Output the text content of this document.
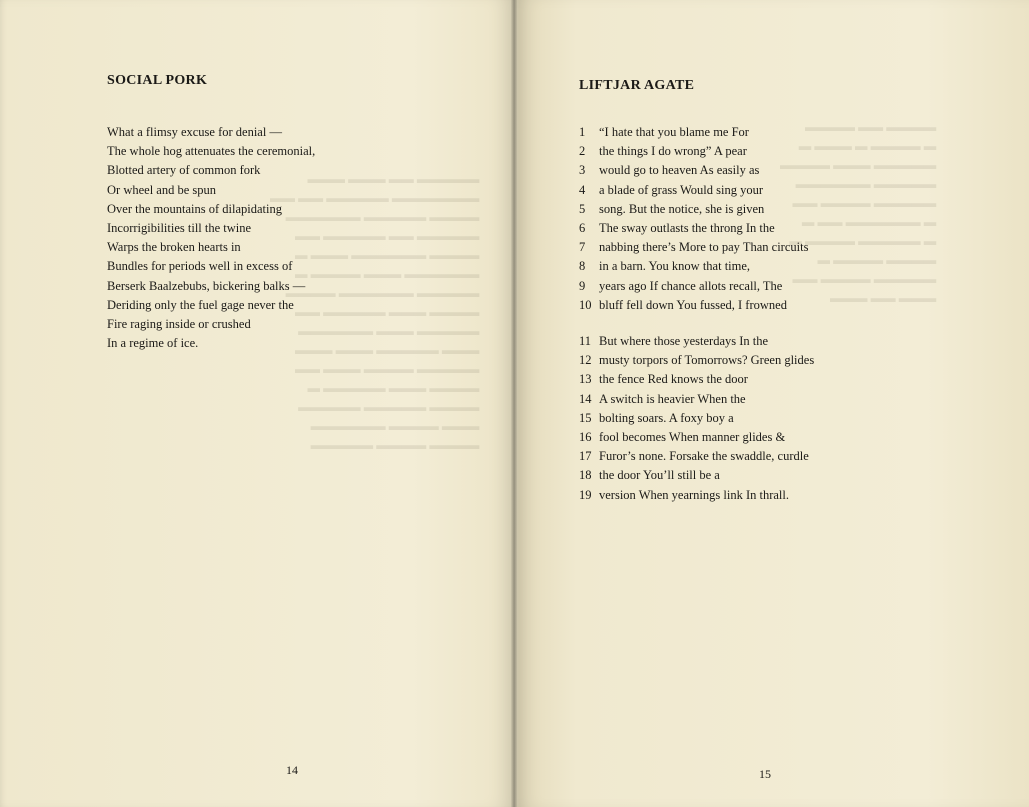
▬▬▬▬▬ ▬▬ ▬▬▬ ▬▬▬
▬▬▬▬▬▬▬ ▬▬▬▬▬ ▬▬ ▬▬
▬▬▬▬ ▬▬▬▬▬ ▬▬▬▬▬▬
▬▬▬▬▬ ▬▬ ▬▬▬▬▬ ▬▬
▬▬▬▬ ▬▬▬▬▬▬ ▬▬▬ ▬
▬▬▬▬▬▬ ▬▬▬ ▬▬▬▬ ▬
▬▬▬▬▬ ▬▬▬▬▬▬ ▬▬▬▬
▬▬▬▬ ▬▬▬ ▬▬▬▬▬ ▬▬
▬▬▬▬▬ ▬▬▬ ▬▬▬▬▬▬
▬▬▬ ▬▬▬▬▬ ▬▬▬ ▬▬▬
▬▬▬▬▬ ▬▬▬▬ ▬▬▬ ▬▬
▬▬▬▬ ▬▬▬ ▬▬▬▬▬ ▬
▬▬▬▬ ▬▬▬▬▬ ▬▬▬▬▬
▬▬▬ ▬▬▬▬ ▬▬▬▬▬▬
▬▬▬▬ ▬▬▬▬ ▬▬▬▬▬
▬▬▬▬ ▬▬ ▬▬▬▬
▬ ▬▬▬▬ ▬ ▬▬▬ ▬
▬▬▬▬▬ ▬▬▬ ▬▬▬▬
▬▬▬▬▬ ▬▬▬▬▬▬
▬▬▬▬▬ ▬▬▬▬ ▬▬
▬ ▬▬▬▬▬▬ ▬▬ ▬
▬ ▬▬▬▬▬ ▬▬▬▬ ▬
▬▬▬▬ ▬▬▬▬ ▬
▬▬▬▬▬ ▬▬▬▬ ▬▬
▬▬▬ ▬▬ ▬▬▬
SOCIAL PORK
What a flimsy excuse for denial —
The whole hog attenuates the ceremonial,
Blotted artery of common fork
Or wheel and be spun
Over the mountains of dilapidating
Incorrigibilities till the twine
Warps the broken hearts in
Bundles for periods well in excess of
Berserk Baalzebubs, bickering balks —
Deriding only the fuel gage never the
Fire raging inside or crushed
In a regime of ice.
14
LIFTJAR AGATE
1	“I hate that you blame me For
2	the things I do wrong” A pear
3	would go to heaven As easily as
4	a blade of grass Would sing your
5	song. But the notice, she is given
6	The sway outlasts the throng In the
7	nabbing there’s More to pay Than circuits
8	in a barn. You know that time,
9	years ago If chance allots recall, The
10 bluff fell down You fussed, I frowned
11 But where those yesterdays In the
12 musty torpors of Tomorrows? Green glides
13 the fence Red knows the door
14 A switch is heavier When the
15 bolting soars. A foxy boy a
16 fool becomes When manner glides &
17 Furor’s none. Forsake the swaddle, curdle
18 the door You’ll still be a
19 version When yearnings link In thrall.
15
